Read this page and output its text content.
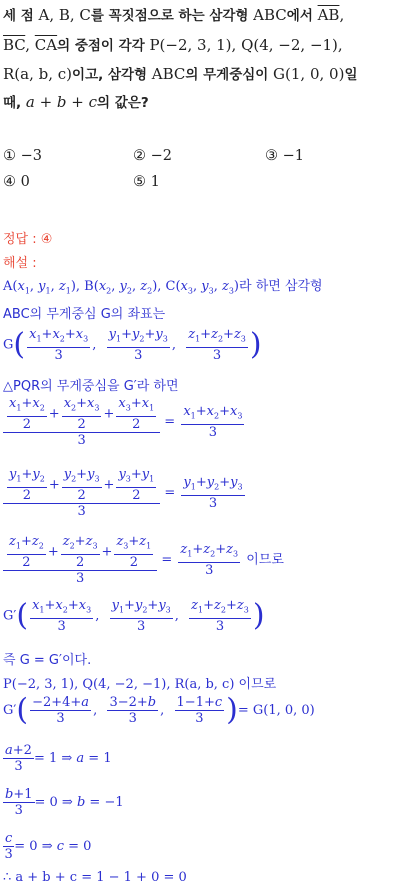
세 점 A, B, C를 꼭짓점으로 하는 삼각형 ABC에서 $\overline{AB}$,
$\overline{BC}$, $\overline{CA}$의 중점이 각각 P(−2, 3, 1), Q(4, −2, −1),
R(a, b, c)이고, 삼각형 ABC의 무게중심이 G(1, 0, 0)일
때, a + b + c의 값은?
① −3	② −2	③ −1
④ 0	⑤ 1
정답 : ④
해설 :
$A(x_1$, $y_1$, $z_1$), $B(x_2$, $y_2$, $z_2$), $C(x_3$, $y_3$, $z_3$)라 하면 삼각형
ABC의 무게중심 G의 좌표는
$G( \frac{x_1+x_2+x_3}{3}$ , $\frac{y_1+y_2+y_3}{3}$ , $\frac{z_1+z_2+z_3}{3}$ )
△PQR의 무게중심을 G′라 하면
$\frac{\frac{x_1+x_2}{2} + \frac{x_2+x_3}{2} + \frac{x_3+x_1}{2}}{3} = \frac{x_1+x_2+x_3}{3}$
$\frac{\frac{y_1+y_2}{2} + \frac{y_2+y_3}{2} + \frac{y_3+y_1}{2}}{3} = \frac{y_1+y_2+y_3}{3}$
$\frac{\frac{z_1+z_2}{2} + \frac{z_2+z_3}{2} + \frac{z_3+z_1}{2}}{3} = \frac{z_1+z_2+z_3}{3}$ 이므로
$G'( \frac{x_1+x_2+x_3}{3}$ , $\frac{y_1+y_2+y_3}{3}$ , $\frac{z_1+z_2+z_3}{3}$ )
즉 G = G′이다.
P(−2, 3, 1), Q(4, −2, −1), R(a, b, c) 이므로
$G'( \frac{-2+4+a}{3}$ , $\frac{3-2+b}{3}$ , $\frac{1-1+c}{3}$ )= G(1, 0, 0)
$\frac{a+2}{3} = 1$ ⇒ a = 1
$\frac{b+1}{3} = 0$ ⇒ b = −1
$\frac{c}{3} = 0$ ⇒ c = 0
∴ a + b + c = 1 − 1 + 0 = 0
